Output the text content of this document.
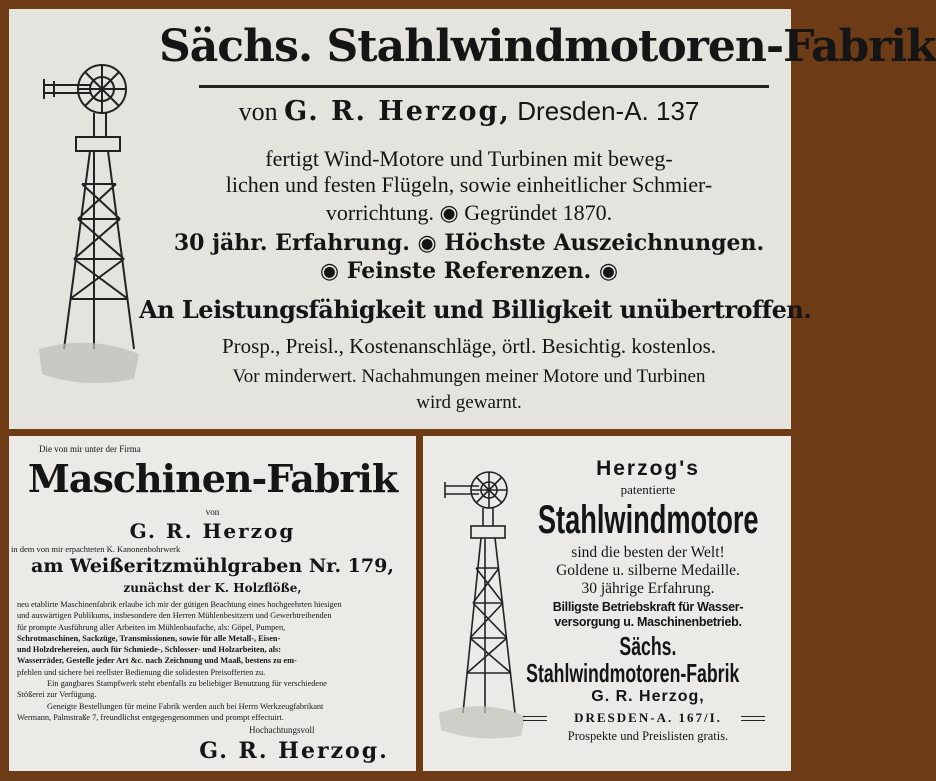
Sächs. Stahlwindmotoren-Fabrik
von G. R. Herzog, Dresden-A. 137
fertigt Wind-Motore und Turbinen mit beweg-
lichen und festen Flügeln, sowie einheitlicher Schmier-
vorrichtung. ◉ Gegründet 1870.
30 jähr. Erfahrung. ◉ Höchste Auszeichnungen.
◉ Feinste Referenzen. ◉
An Leistungsfähigkeit und Billigkeit unübertroffen.
Prosp., Preisl., Kostenanschläge, örtl. Besichtig. kostenlos.
Vor minderwert. Nachahmungen meiner Motore und Turbinen
wird gewarnt.
Die von mir unter der Firma
Maschinen-Fabrik
von
G. R. Herzog
in dem von mir erpachteten K. Kanonenbohrwerk
am Weißeritzmühlgraben Nr. 179,
zunächst der K. Holzflöße,
neu etablirte Maschinenfabrik erlaube ich mir der gütigen Beachtung eines hochgeehrten hiesigen
und auswärtigen Publikums, insbesondere den Herren Mühlenbesitzern und Gewerbtreibenden
für prompte Ausführung aller Arbeiten im Mühlenbaufache, als: Göpel, Pumpen,
Schrotmaschinen, Sackzüge, Transmissionen, sowie für alle Metall-, Eisen-
und Holzdrehereien, auch für Schmiede-, Schlosser- und Holzarbeiten, als:
Wasserräder, Gestelle jeder Art &c. nach Zeichnung und Maaß, bestens zu em-
pfehlen und sichere bei reellster Bedienung die solidesten Preisofferten zu.
Ein gangbares Stampfwerk steht ebenfalls zu beliebiger Benutzung für verschiedene
Stößerei zur Verfügung.
Geneigte Bestellungen für meine Fabrik werden auch bei Herrn Werkzeugfabrikant
Wermann, Palmstraße 7, freundlichst entgegengenommen und prompt effectuirt.
Hochachtungsvoll
G. R. Herzog.
Herzog's
patentierte
Stahlwindmotore
sind die besten der Welt!
Goldene u. silberne Medaille.
30 jährige Erfahrung.
Billigste Betriebskraft für Wasser-
versorgung u. Maschinenbetrieb.
Sächs.
Stahlwindmotoren-Fabrik
G. R. Herzog,
DRESDEN-A. 167/I.
Prospekte und Preislisten gratis.
